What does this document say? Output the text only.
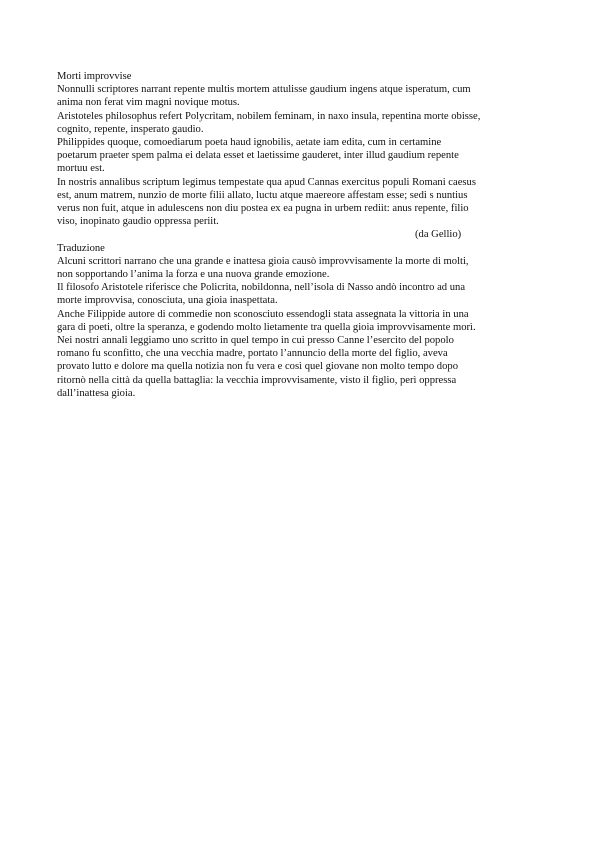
Morti improvvise
Nonnulli scriptores narrant repente multis mortem attulisse gaudium ingens atque isperatum, cum
anima non ferat vim magni novique motus.
Aristoteles philosophus refert Polycritam, nobilem feminam, in naxo insula, repentina morte obisse,
cognito, repente, insperato gaudio.
Philippides quoque, comoediarum poeta haud ignobilis, aetate iam edita, cum in certamine
poetarum praeter spem palma ei delata esset et laetissime gauderet, inter illud gaudium repente
mortuu est.
In nostris annalibus scriptum legimus tempestate qua apud Cannas exercitus populi Romani caesus
est, anum matrem, nunzio de morte filii allato, luctu atque maereore affestam esse; sedi s nuntius
verus non fuit, atque in adulescens non diu postea ex ea pugna in urbem rediit: anus repente, filio
viso, inopinato gaudio oppressa periit.
(da Gellio)
Traduzione
Alcuni scrittori narrano che una grande e inattesa gioia causò improvvisamente la morte di molti,
non sopportando l’anima la forza e una nuova grande emozione.
Il filosofo Aristotele riferisce che Policrita, nobildonna, nell’isola di Nasso andò incontro ad una
morte improvvisa, conosciuta, una gioia inaspettata.
Anche Filippide autore di commedie non sconosciuto essendogli stata assegnata la vittoria in una
gara di poeti, oltre la speranza, e godendo molto lietamente tra quella gioia improvvisamente morì.
Nei nostri annali leggiamo uno scritto in quel tempo in cui presso Canne l’esercito del popolo
romano fu sconfitto, che una vecchia madre, portato l’annuncio della morte del figlio, aveva
provato lutto e dolore ma quella notizia non fu vera e così quel giovane non molto tempo dopo
ritornò nella città da quella battaglia: la vecchia improvvisamente, visto il figlio, perì oppressa
dall’inattesa gioia.
